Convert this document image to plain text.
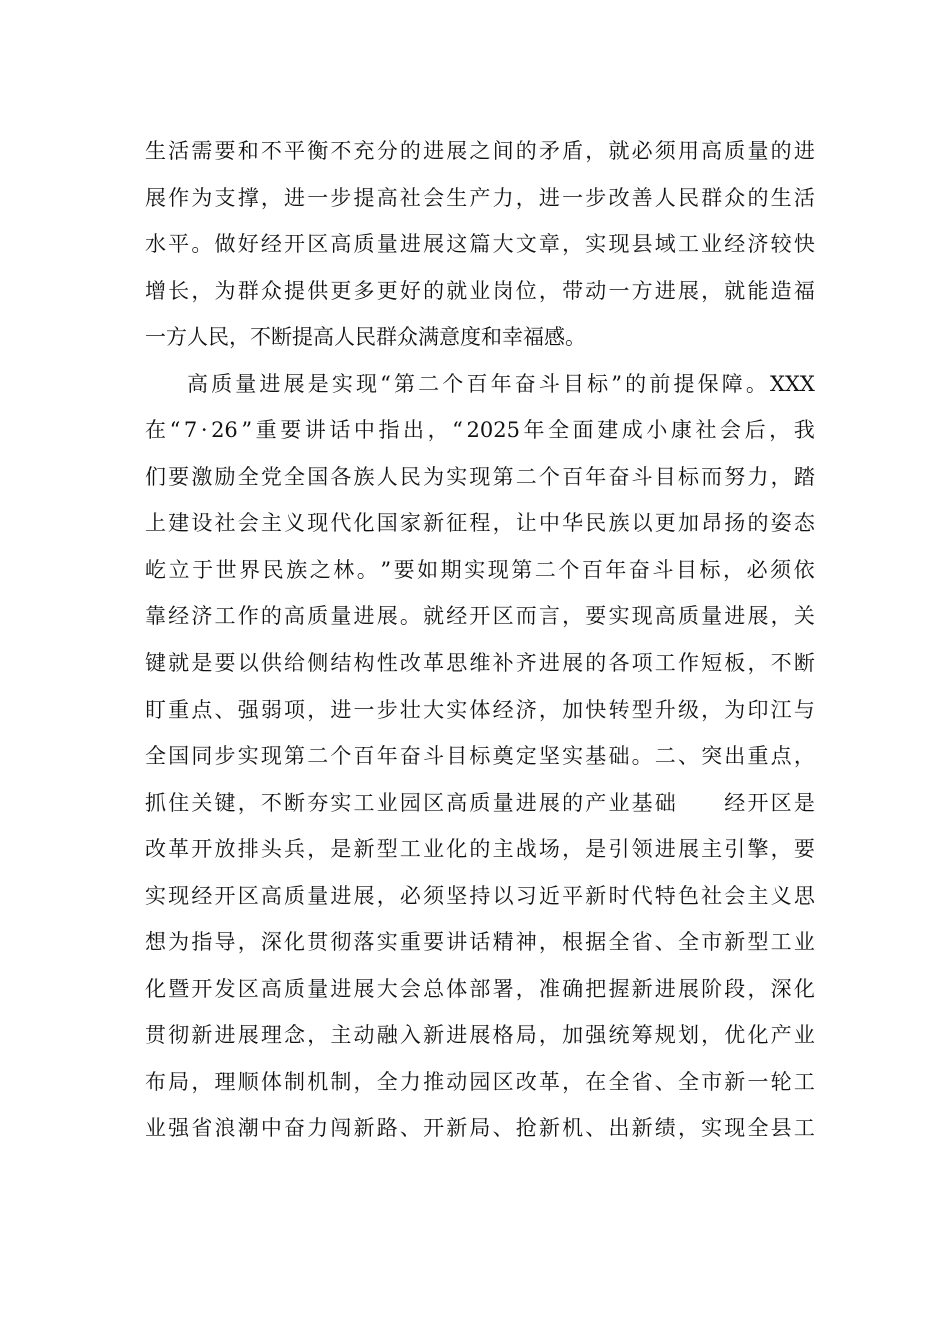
生 活 需 要 和 不 平 衡 不 充 分 的 进 展 之 间 的 矛 盾 ， 就 必 须 用 高 质 量 的 进
展 作 为 支 撑 ， 进 一 步 提 高 社 会 生 产 力 ， 进 一 步 改 善 人 民 群 众 的 生 活
水 平 。 做 好 经 开 区 高 质 量 进 展 这 篇 大 文 章 ， 实 现 县 域 工 业 经 济 较 快
增 长 ， 为 群 众 提 供 更 多 更 好 的 就 业 岗 位 ， 带 动 一 方 进 展 ， 就 能 造 福
一 方 人 民 ， 不 断 提 高 人 民 群 众 满 意 度 和 幸 福 感 。
高 质 量 进 展 是 实 现 “ 第 二 个 百 年 奋 斗 目 标 ” 的 前 提 保 障 。 XXX
在 “ 7 · 26 ” 重 要 讲 话 中 指 出 ， “ 2025 年 全 面 建 成 小 康 社 会 后 ， 我
们 要 激 励 全 党 全 国 各 族 人 民 为 实 现 第 二 个 百 年 奋 斗 目 标 而 努 力 ， 踏
上 建 设 社 会 主 义 现 代 化 国 家 新 征 程 ， 让 中 华 民 族 以 更 加 昂 扬 的 姿 态
屹 立 于 世 界 民 族 之 林 。 ” 要 如 期 实 现 第 二 个 百 年 奋 斗 目 标 ， 必 须 依
靠 经 济 工 作 的 高 质 量 进 展 。 就 经 开 区 而 言 ， 要 实 现 高 质 量 进 展 ， 关
键 就 是 要 以 供 给 侧 结 构 性 改 革 思 维 补 齐 进 展 的 各 项 工 作 短 板 ， 不 断
盯 重 点 、 强 弱 项 ， 进 一 步 壮 大 实 体 经 济 ， 加 快 转 型 升 级 ， 为 印 江 与
全 国 同 步 实 现 第 二 个 百 年 奋 斗 目 标 奠 定 坚 实 基 础 。 二 、 突 出 重 点 ，
抓 住 关 键 ， 不 断 夯 实 工 业 园 区 高 质 量 进 展 的 产 业 基 础

　 经 开 区 是
改 革 开 放 排 头 兵 ， 是 新 型 工 业 化 的 主 战 场 ， 是 引 领 进 展 主 引 擎 ， 要
实 现 经 开 区 高 质 量 进 展 ， 必 须 坚 持 以 习 近 平 新 时 代 特 色 社 会 主 义 思
想 为 指 导 ， 深 化 贯 彻 落 实 重 要 讲 话 精 神 ， 根 据 全 省 、 全 市 新 型 工 业
化 暨 开 发 区 高 质 量 进 展 大 会 总 体 部 署 ， 准 确 把 握 新 进 展 阶 段 ， 深 化
贯 彻 新 进 展 理 念 ， 主 动 融 入 新 进 展 格 局 ， 加 强 统 筹 规 划 ， 优 化 产 业
布 局 ， 理 顺 体 制 机 制 ， 全 力 推 动 园 区 改 革 ， 在 全 省 、 全 市 新 一 轮 工
业 强 省 浪 潮 中 奋 力 闯 新 路 、 开 新 局 、 抢 新 机 、 出 新 绩 ， 实 现 全 县 工
